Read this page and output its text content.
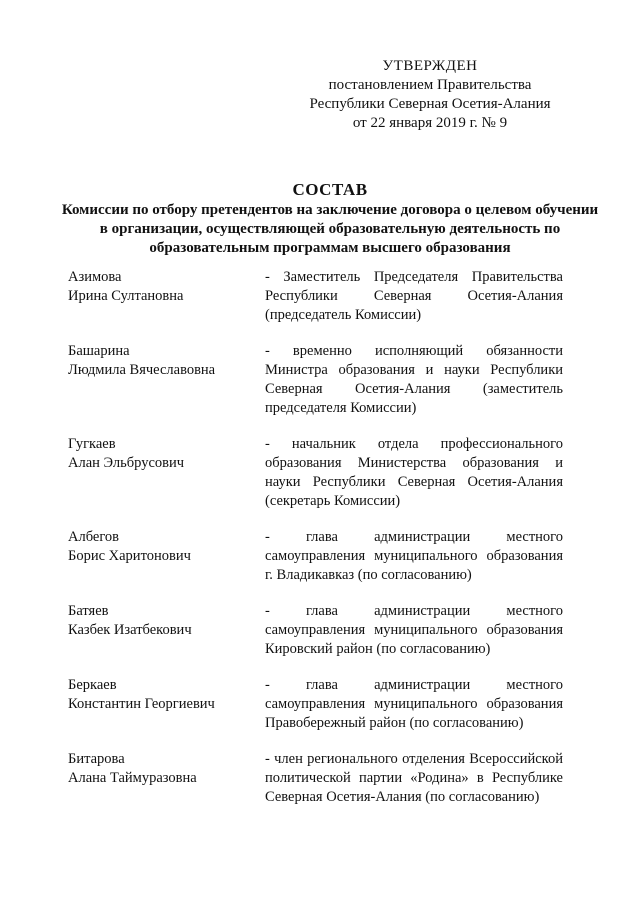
УТВЕРЖДЕН
постановлением Правительства
Республики Северная Осетия-Алания
от 22 января 2019 г. № 9
СОСТАВ
Комиссии по отбору претендентов на заключение договора о целевом обучении в организации, осуществляющей образовательную деятельность по образовательным программам высшего образования
Азимова
Ирина Султановна
- Заместитель Председателя Правительства Республики Северная Осетия-Алания (председатель Комиссии)
Башарина
Людмила Вячеславовна
- временно исполняющий обязанности Министра образования и науки Республики Северная Осетия-Алания (заместитель председателя Комиссии)
Гугкаев
Алан Эльбрусович
- начальник отдела профессионального образования Министерства образования и науки Республики Северная Осетия-Алания (секретарь Комиссии)
Албегов
Борис Харитонович
- глава администрации местного самоуправления муниципального образования г. Владикавказ (по согласованию)
Батяев
Казбек Изатбекович
- глава администрации местного самоуправления муниципального образования Кировский район (по согласованию)
Беркаев
Константин Георгиевич
- глава администрации местного самоуправления муниципального образования Правобережный район (по согласованию)
Битарова
Алана Таймуразовна
- член регионального отделения Всероссийской политической партии «Родина» в Республике Северная Осетия-Алания (по согласованию)
